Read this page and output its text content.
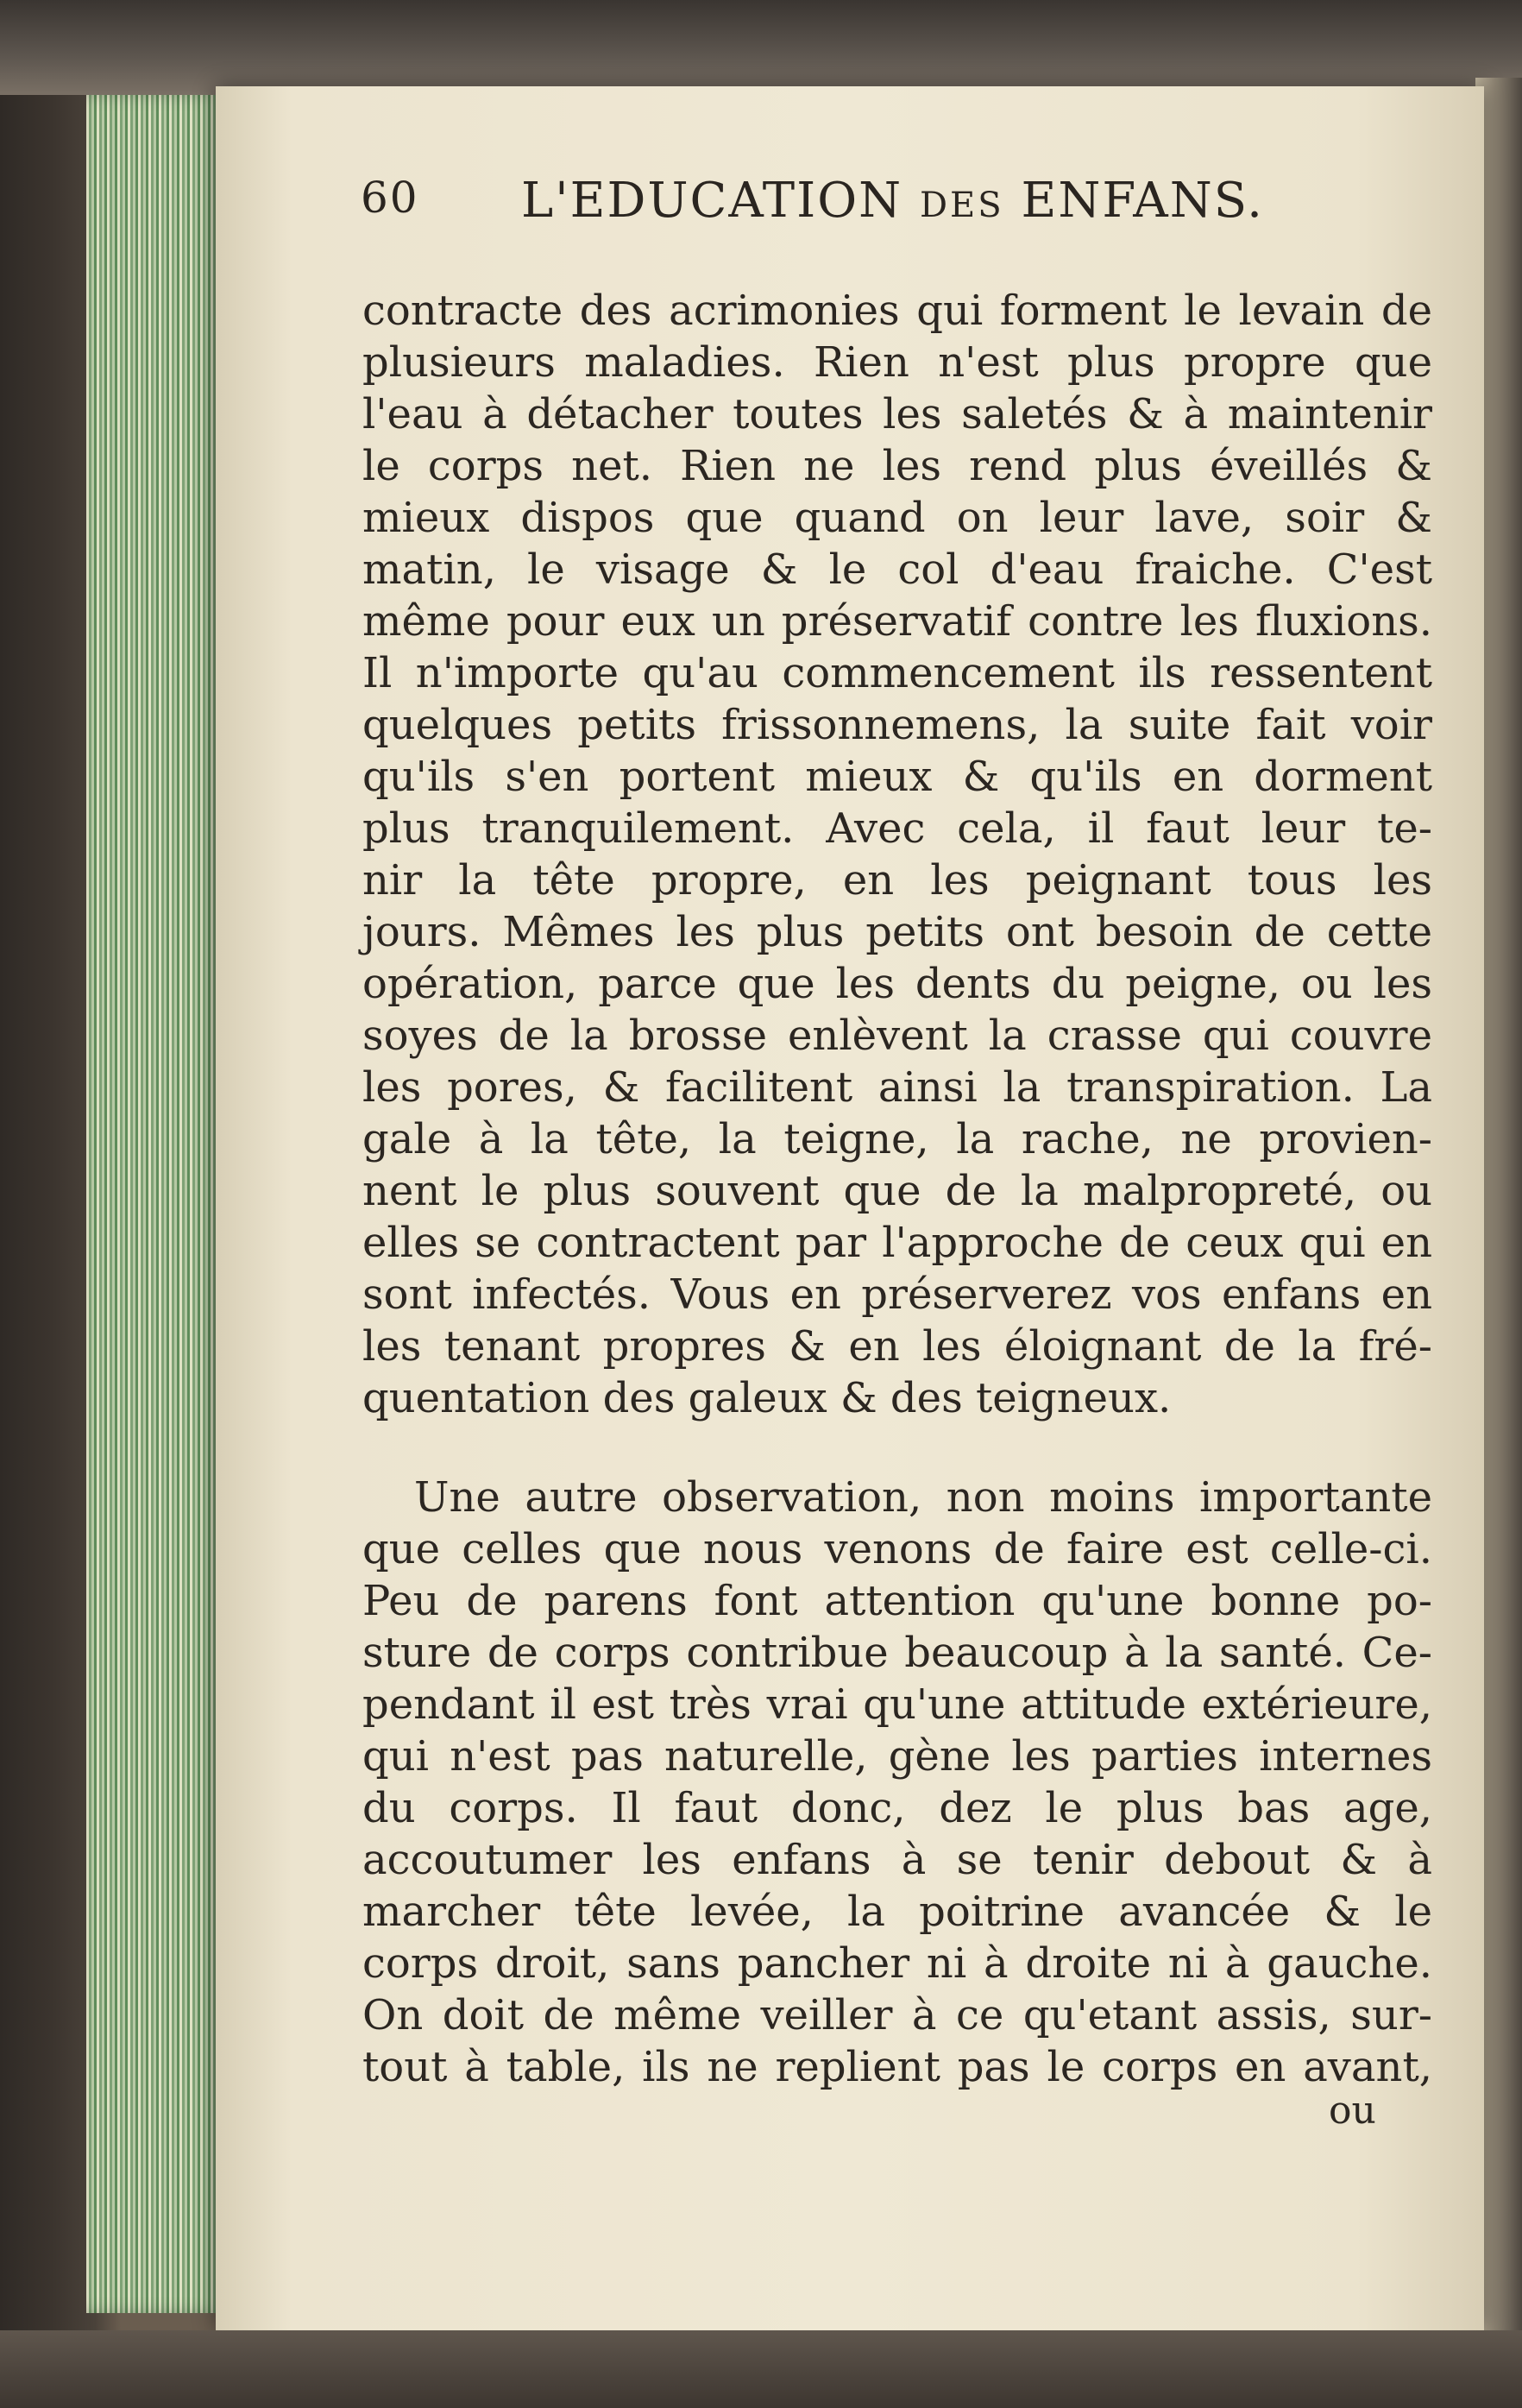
60 L'EDUCATION DES ENFANS.
contracte des acrimonies qui forment le levain de
plusieurs maladies. Rien n'est plus propre que
l'eau à détacher toutes les saletés & à maintenir
le corps net. Rien ne les rend plus éveillés &
mieux dispos que quand on leur lave, soir &
matin, le visage & le col d'eau fraiche. C'est
même pour eux un préservatif contre les fluxions.
Il n'importe qu'au commencement ils ressentent
quelques petits frissonnemens, la suite fait voir
qu'ils s'en portent mieux & qu'ils en dorment
plus tranquilement. Avec cela, il faut leur te-
nir la tête propre, en les peignant tous les
jours. Mêmes les plus petits ont besoin de cette
opération, parce que les dents du peigne, ou les
soyes de la brosse enlèvent la crasse qui couvre
les pores, & facilitent ainsi la transpiration. La
gale à la tête, la teigne, la rache, ne provien-
nent le plus souvent que de la malpropreté, ou
elles se contractent par l'approche de ceux qui en
sont infectés. Vous en préserverez vos enfans en
les tenant propres & en les éloignant de la fré-
quentation des galeux & des teigneux.
Une autre observation, non moins importante
que celles que nous venons de faire est celle-ci.
Peu de parens font attention qu'une bonne po-
sture de corps contribue beaucoup à la santé. Ce-
pendant il est très vrai qu'une attitude extérieure,
qui n'est pas naturelle, gène les parties internes
du corps. Il faut donc, dez le plus bas age,
accoutumer les enfans à se tenir debout & à
marcher tête levée, la poitrine avancée & le
corps droit, sans pancher ni à droite ni à gauche.
On doit de même veiller à ce qu'etant assis, sur-
tout à table, ils ne replient pas le corps en avant,
ou
